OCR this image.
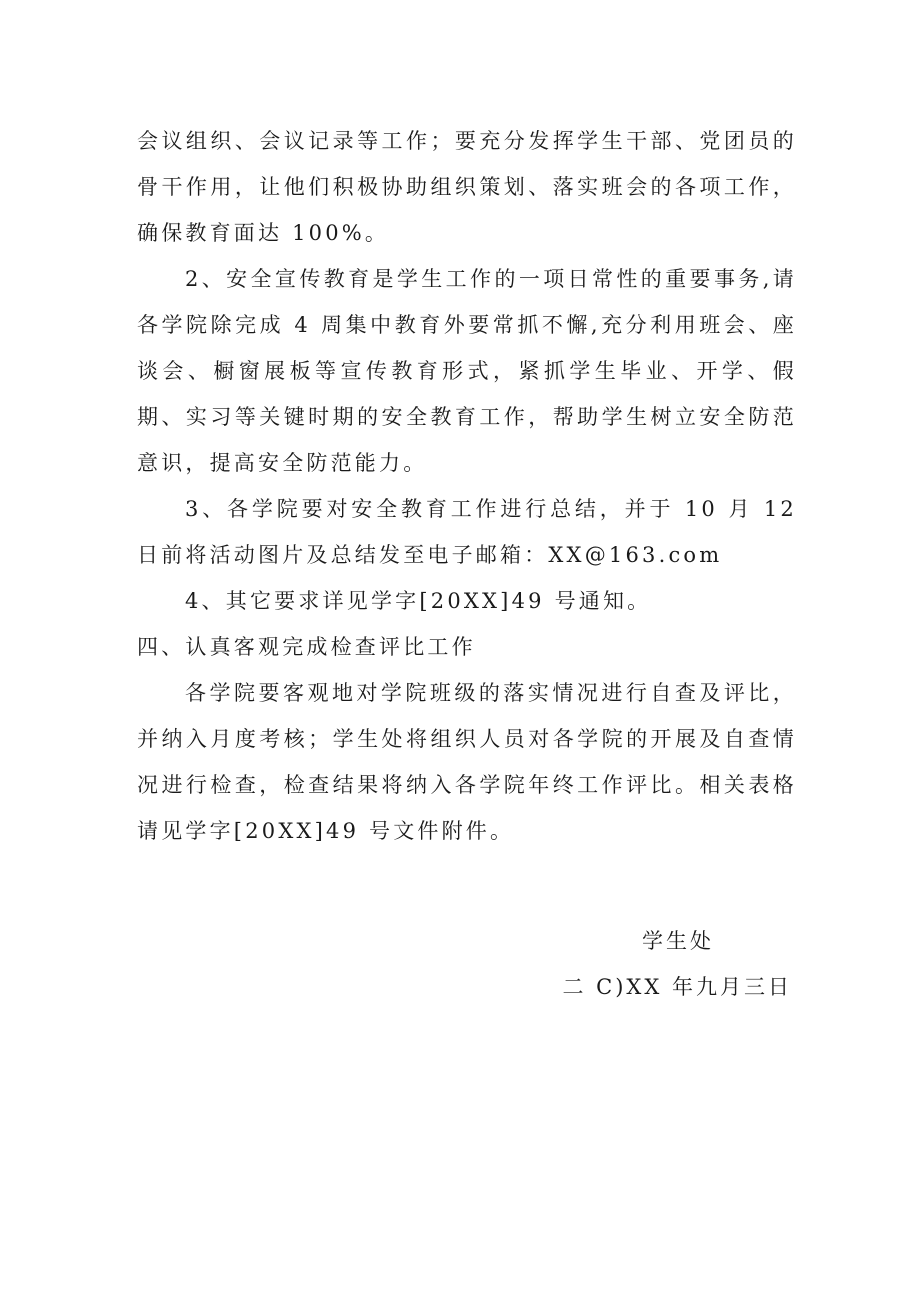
会议组织、会议记录等工作；要充分发挥学生干部、党团员的骨干作用，让他们积极协助组织策划、落实班会的各项工作，确保教育面达 100%。

2、安全宣传教育是学生工作的一项日常性的重要事务,请各学院除完成 4 周集中教育外要常抓不懈,充分利用班会、座谈会、橱窗展板等宣传教育形式，紧抓学生毕业、开学、假期、实习等关键时期的安全教育工作，帮助学生树立安全防范意识，提高安全防范能力。

3、各学院要对安全教育工作进行总结，并于 10 月 12 日前将活动图片及总结发至电子邮箱：XX@163.com

4、其它要求详见学字[20XX]49 号通知。

四、认真客观完成检查评比工作

各学院要客观地对学院班级的落实情况进行自查及评比，并纳入月度考核；学生处将组织人员对各学院的开展及自查情况进行检查，检查结果将纳入各学院年终工作评比。相关表格请见学字[20XX]49 号文件附件。

学生处
二 C)XX 年九月三日
